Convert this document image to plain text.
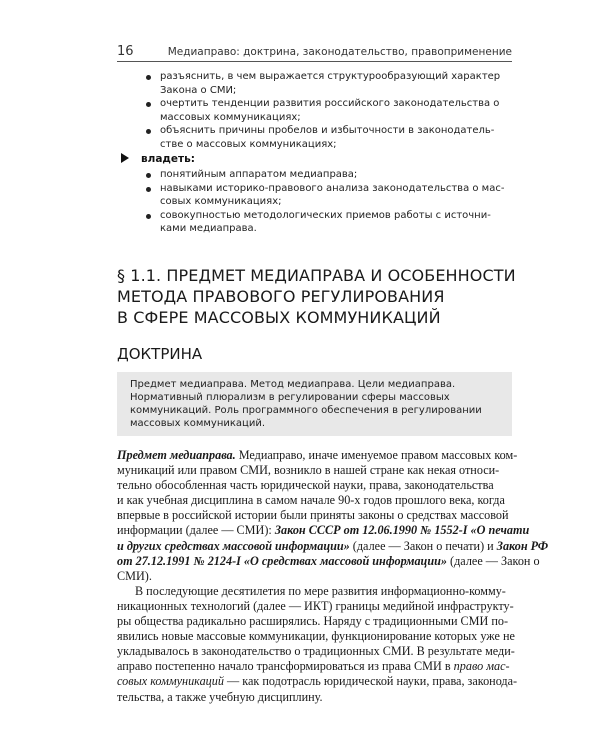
16	Медиаправо: доктрина, законодательство, правоприменение
разъяснить, в чем выражается структурообразующий характер
Закона о СМИ;
очертить тенденции развития российского законодательства о
массовых коммуникациях;
объяснить причины пробелов и избыточности в законодатель-
стве о массовых коммуникациях;
владеть:
понятийным аппаратом медиаправа;
навыками историко-правового анализа законодательства о мас-
совых коммуникациях;
совокупностью методологических приемов работы с источни-
ками медиаправа.
§ 1.1. ПРЕДМЕТ МЕДИАПРАВА И ОСОБЕННОСТИ
МЕТОДА ПРАВОВОГО РЕГУЛИРОВАНИЯ
В СФЕРЕ МАССОВЫХ КОММУНИКАЦИЙ
ДОКТРИНА
Предмет медиаправа. Метод медиаправа. Цели медиаправа.
Нормативный плюрализм в регулировании сферы массовых
коммуникаций. Роль программного обеспечения в регулировании
массовых коммуникаций.
Предмет медиаправа. Медиаправо, иначе именуемое правом массовых ком-
муникаций или правом СМИ, возникло в нашей стране как некая относи-
тельно обособленная часть юридической науки, права, законодательства
и как учебная дисциплина в самом начале 90-х годов прошлого века, когда
впервые в российской истории были приняты законы о средствах массовой
информации (далее — СМИ): Закон СССР от 12.06.1990 № 1552-I «О печати
и других средствах массовой информации» (далее — Закон о печати) и Закон РФ
от 27.12.1991 № 2124-I «О средствах массовой информации» (далее — Закон о
СМИ).
В последующие десятилетия по мере развития информационно-комму-
никационных технологий (далее — ИКТ) границы медийной инфраструкту-
ры общества радикально расширялись. Наряду с традиционными СМИ по-
явились новые массовые коммуникации, функционирование которых уже не
укладывалось в законодательство о традиционных СМИ. В результате меди-
аправо постепенно начало трансформироваться из права СМИ в право мас-
совых коммуникаций — как подотрасль юридической науки, права, законода-
тельства, а также учебную дисциплину.
